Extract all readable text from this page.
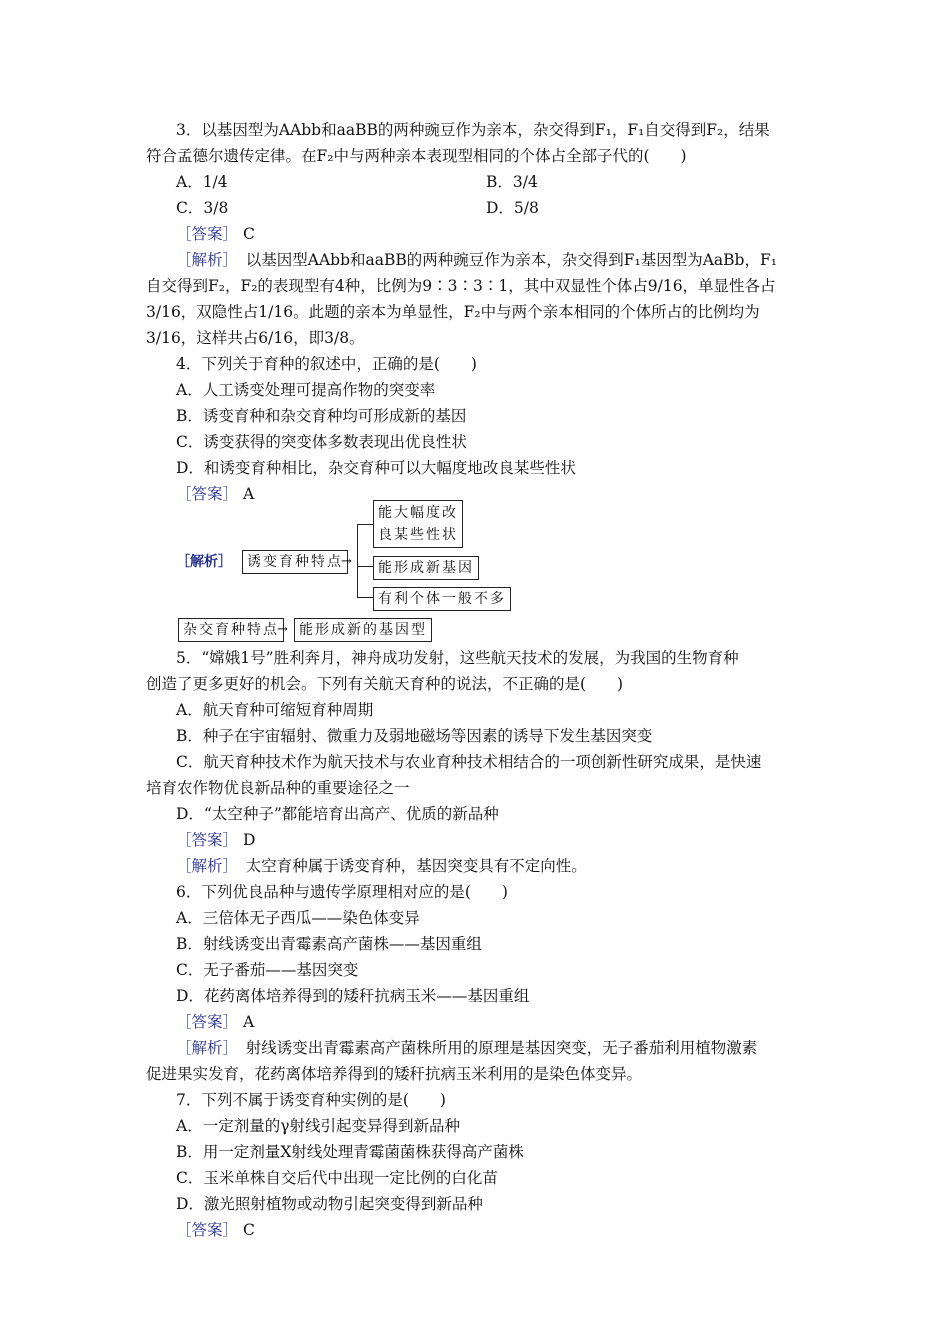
3．以基因型为AAbb和aaBB的两种豌豆作为亲本，杂交得到F₁，F₁自交得到F₂，结果
符合孟德尔遗传定律。在F₂中与两种亲本表现型相同的个体占全部子代的(　　)
A．1/4	B．3/4
C．3/8	D．5/8
［答案］ C
［解析］　以基因型AAbb和aaBB的两种豌豆作为亲本，杂交得到F₁基因型为AaBb，F₁
自交得到F₂，F₂的表现型有4种，比例为9∶3∶3∶1，其中双显性个体占9/16，单显性各占
3/16，双隐性占1/16。此题的亲本为单显性，F₂中与两个亲本相同的个体所占的比例均为
3/16，这样共占6/16，即3/8。
4．下列关于育种的叙述中，正确的是(　　)
A．人工诱变处理可提高作物的突变率
B．诱变育种和杂交育种均可形成新的基因
C．诱变获得的突变体多数表现出优良性状
D．和诱变育种相比，杂交育种可以大幅度地改良某些性状
［答案］ A
［解析］	诱变育种特点
→
能大幅度改
良某些性状
能形成新基因
有利个体一般不多
杂交育种特点
→ 能形成新的基因型
5．“嫦娥1号”胜利奔月，神舟成功发射，这些航天技术的发展，为我国的生物育种
创造了更多更好的机会。下列有关航天育种的说法，不正确的是(　　)
A．航天育种可缩短育种周期
B．种子在宇宙辐射、微重力及弱地磁场等因素的诱导下发生基因突变
C．航天育种技术作为航天技术与农业育种技术相结合的一项创新性研究成果，是快速
培育农作物优良新品种的重要途径之一
D．“太空种子”都能培育出高产、优质的新品种
［答案］ D
［解析］　太空育种属于诱变育种，基因突变具有不定向性。
6．下列优良品种与遗传学原理相对应的是(　　)
A．三倍体无子西瓜——染色体变异
B．射线诱变出青霉素高产菌株——基因重组
C．无子番茄——基因突变
D．花药离体培养得到的矮秆抗病玉米——基因重组
［答案］ A
［解析］　射线诱变出青霉素高产菌株所用的原理是基因突变，无子番茄利用植物激素
促进果实发育，花药离体培养得到的矮秆抗病玉米利用的是染色体变异。
7．下列不属于诱变育种实例的是(　　)
A．一定剂量的γ射线引起变异得到新品种
B．用一定剂量X射线处理青霉菌菌株获得高产菌株
C．玉米单株自交后代中出现一定比例的白化苗
D．激光照射植物或动物引起突变得到新品种
［答案］ C
